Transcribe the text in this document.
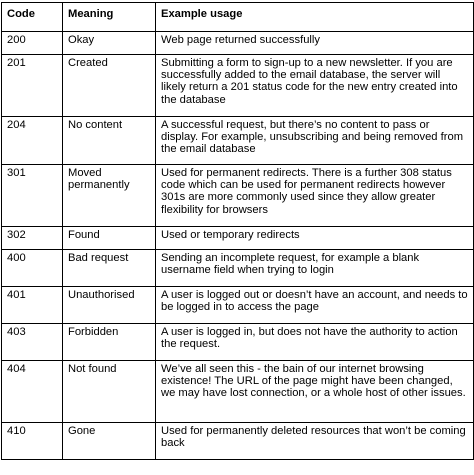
Code	Meaning	Example usage
200	Okay	Web page returned successfully
201	Created	Submitting a form to sign-up to a new newsletter. If you are successfully added to the email database, the server will likely return a 201 status code for the new entry created into the database
204	No content	A successful request, but there’s no content to pass or display. For example, unsubscribing and being removed from the email database
301	Moved permanently	Used for permanent redirects. There is a further 308 status code which can be used for permanent redirects however 301s are more commonly used since they allow greater flexibility for browsers
302	Found	Used or temporary redirects
400	Bad request	Sending an incomplete request, for example a blank username field when trying to login
401	Unauthorised	A user is logged out or doesn’t have an account, and needs to be logged in to access the page
403	Forbidden	A user is logged in, but does not have the authority to action the request.
404	Not found	We’ve all seen this - the bain of our internet browsing existence! The URL of the page might have been changed, we may have lost connection, or a whole host of other issues.
410	Gone	Used for permanently deleted resources that won’t be coming back
